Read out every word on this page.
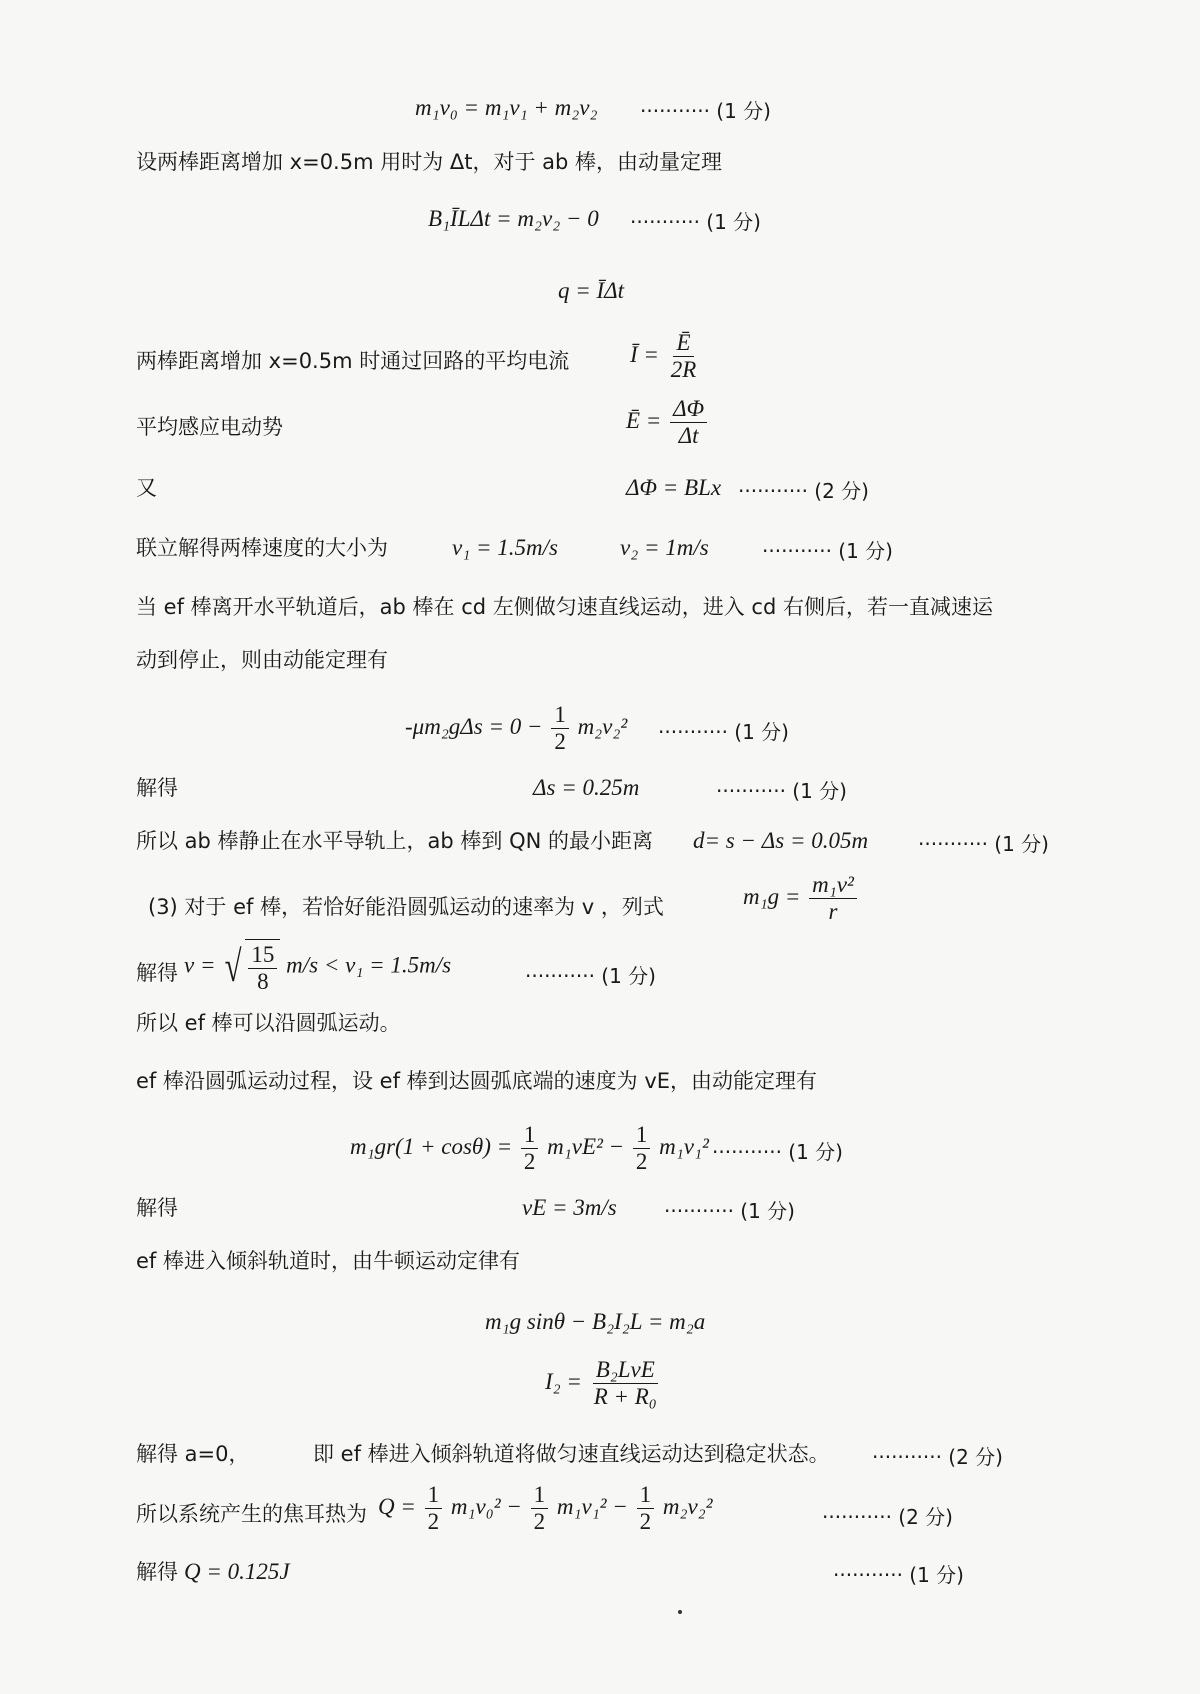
m₁v₀ = m₁v₁ + m₂v₂ ··········· (1 分)
设两棒距离增加 x=0.5m 用时为 Δt，对于 ab 棒，由动量定理
B₁ĪLΔt = m₂v₂ − 0 ··········· (1 分)
q = ĪΔt
两棒距离增加 x=0.5m 时通过回路的平均电流	Ī = $\frac{Ē}{2R}$
平均感应电动势	Ē = $\frac{\Delta\Phi}{\Delta t}$
又	ΔΦ = BLx ··········· (2 分)
联立解得两棒速度的大小为	v₁ = 1.5m/s	v₂ = 1m/s	··········· (1 分)
当 ef 棒离开水平轨道后，ab 棒在 cd 左侧做匀速直线运动，进入 cd 右侧后，若一直减速运
动到停止，则由动能定理有
$-\mu m_2g\Delta s = 0 - \frac{1}{2} m_2v_2^2$ ··········· (1 分)
解得	Δs = 0.25m	··········· (1 分)
所以 ab 棒静止在水平导轨上，ab 棒到 QN 的最小距离 d= s − Δs = 0.05m ··········· (1 分)
(3) 对于 ef 棒，若恰好能沿圆弧运动的速率为 v ，列式	$m_1g = \frac{\text{m₁v²}}{r}$
解得 v = √ $\frac{15}{8} m/s < v_1 = 1.5m/s$	··········· (1 分)
所以 ef 棒可以沿圆弧运动。
ef 棒沿圆弧运动过程，设 ef 棒到达圆弧底端的速度为 vE，由动能定理有
$m_1gr(1 + \cos\theta) = \frac{1}{2} m_1vE^2 - \frac{1}{2} m_1v_1^2$ ··········· (1 分)
解得	vE = 3m/s ··········· (1 分)
ef 棒进入倾斜轨道时，由牛顿运动定律有
m₁g sinθ − B₂I₂L = m₂a
$I_2 = \frac{\text{B₂LvE}}{\text{R + R₀}}$
解得 a=0，	即 ef 棒进入倾斜轨道将做匀速直线运动达到稳定状态。 ··········· (2 分)
所以系统产生的焦耳热为 $Q = \frac{1}{2} m_1v_0^2 - \frac{1}{2} m_1v_1^2 - \frac{1}{2} m_2v_2^2$	··········· (2 分)
解得 Q = 0.125J	··········· (1 分)
